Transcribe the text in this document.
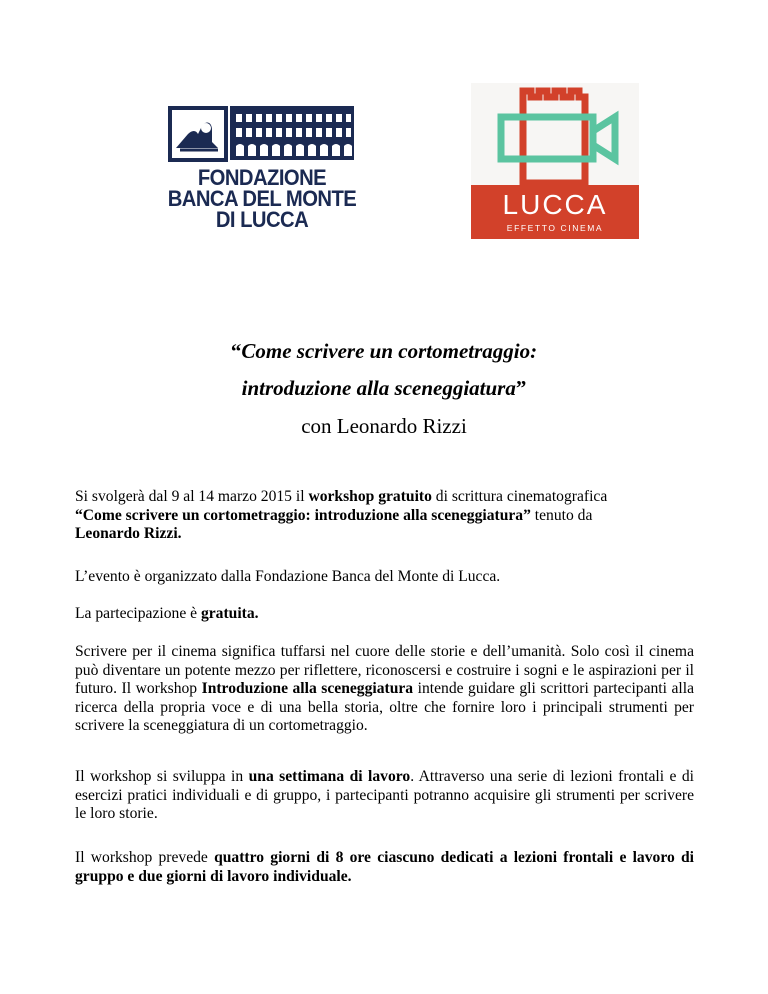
FONDAZIONE
BANCA DEL MONTE
DI LUCCA	LUCCA
EFFETTO CINEMA
“Come scrivere un cortometraggio:
introduzione alla sceneggiatura”
con Leonardo Rizzi
Si svolgerà dal 9 al 14 marzo 2015 il workshop gratuito di scrittura cinematografica
“Come scrivere un cortometraggio: introduzione alla sceneggiatura” tenuto da
Leonardo Rizzi.
L’evento è organizzato dalla Fondazione Banca del Monte di Lucca.
La partecipazione è gratuita.
Scrivere per il cinema significa tuffarsi nel cuore delle storie e dell’umanità. Solo così il cinema può diventare un potente mezzo per riflettere, riconoscersi e costruire i sogni e le aspirazioni per il futuro. Il workshop Introduzione alla sceneggiatura intende guidare gli scrittori partecipanti alla ricerca della propria voce e di una bella storia, oltre che fornire loro i principali strumenti per scrivere la sceneggiatura di un cortometraggio.
Il workshop si sviluppa in una settimana di lavoro. Attraverso una serie di lezioni frontali e di esercizi pratici individuali e di gruppo, i partecipanti potranno acquisire gli strumenti per scrivere le loro storie.
Il workshop prevede quattro giorni di 8 ore ciascuno dedicati a lezioni frontali e lavoro di gruppo e due giorni di lavoro individuale.
